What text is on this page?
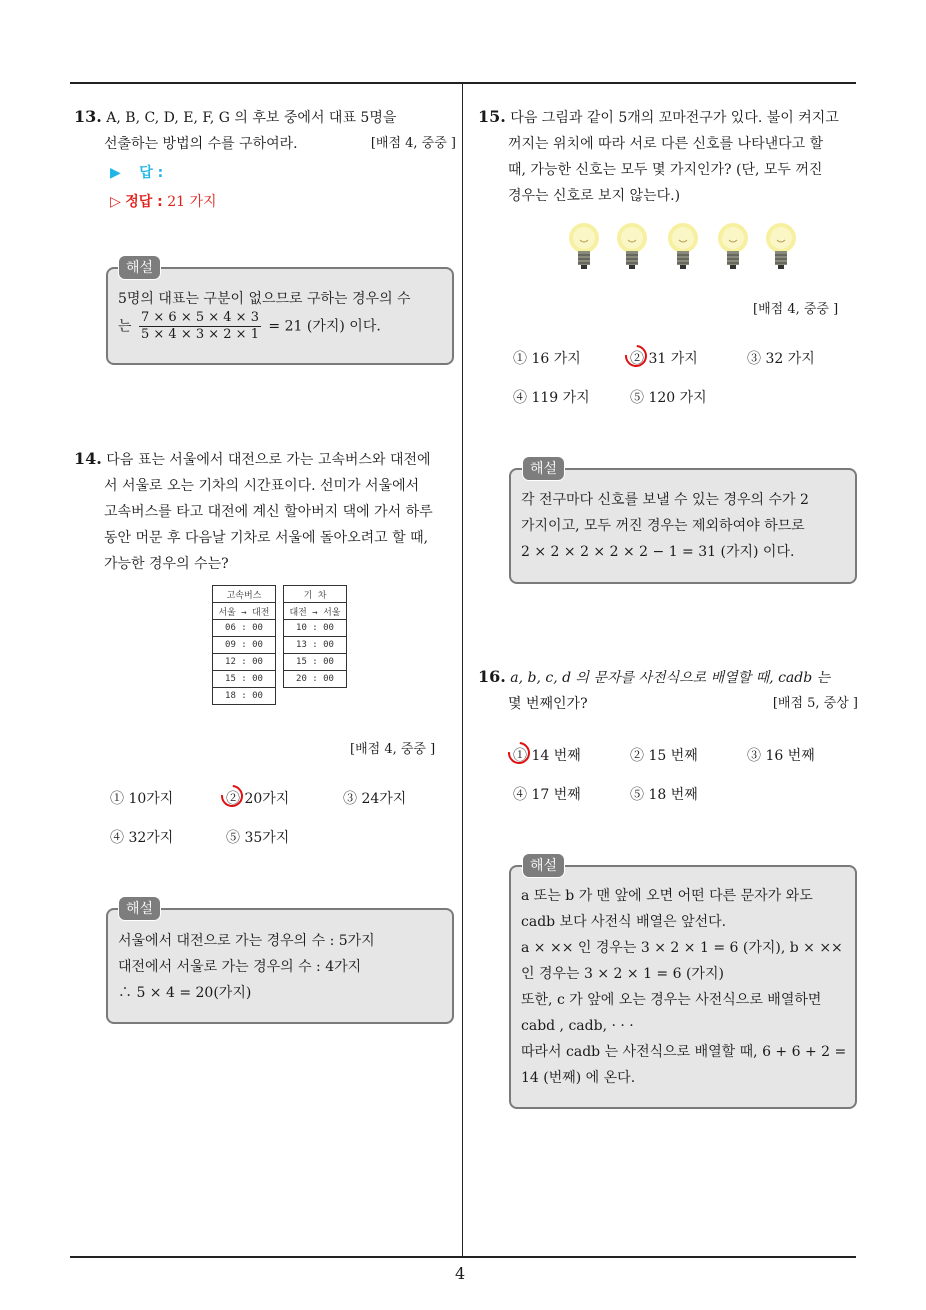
4
13. A, B, C, D, E, F, G 의 후보 중에서 대표 5명을
선출하는 방법의 수를 구하여라.	[배점 4, 중중 ]
▶ 답 :
▷ 정답 : 21 가지
해설
5명의 대표는 구분이 없으므로 구하는 경우의 수
는 $\frac{7 \times 6 \times 5 \times 4 \times 3}{5 \times 4 \times 3 \times 2 \times 1} = 21$ (가지) 이다.
14. 다음 표는 서울에서 대전으로 가는 고속버스와 대전에
서 서울로 오는 기차의 시간표이다. 선미가 서울에서
고속버스를 타고 대전에 계신 할아버지 댁에 가서 하루
동안 머문 후 다음날 기차로 서울에 돌아오려고 할 때,
가능한 경우의 수는?
고속버스
서울 → 대전
06 : 00
09 : 00
12 : 00
15 : 00
18 : 00
기 차
대전 → 서울
10 : 00
13 : 00
15 : 00
20 : 00
[배점 4, 중중 ]
① 10가지	② 20가지	③ 24가지
④ 32가지	⑤ 35가지
해설
서울에서 대전으로 가는 경우의 수 : 5가지
대전에서 서울로 가는 경우의 수 : 4가지
∴ 5 × 4 = 20(가지)
15. 다음 그림과 같이 5개의 꼬마전구가 있다. 불이 켜지고
꺼지는 위치에 따라 서로 다른 신호를 나타낸다고 할
때, 가능한 신호는 모두 몇 가지인가? (단, 모두 꺼진
경우는 신호로 보지 않는다.)
[배점 4, 중중 ]
① 16 가지	② 31 가지	③ 32 가지
④ 119 가지	⑤ 120 가지
해설
각 전구마다 신호를 보낼 수 있는 경우의 수가 2
가지이고, 모두 꺼진 경우는 제외하여야 하므로
2 × 2 × 2 × 2 × 2 − 1 = 31 (가지) 이다.
16. a, b, c, d 의 문자를 사전식으로 배열할 때, cadb 는
몇 번째인가?	[배점 5, 중상 ]
① 14 번째	② 15 번째	③ 16 번째
④ 17 번째	⑤ 18 번째
해설
a 또는 b 가 맨 앞에 오면 어떤 다른 문자가 와도
cadb 보다 사전식 배열은 앞선다.
a × ×× 인 경우는 3 × 2 × 1 = 6 (가지), b × ××
인 경우는 3 × 2 × 1 = 6 (가지)
또한, c 가 앞에 오는 경우는 사전식으로 배열하면
cabd , cadb, · · ·
따라서 cadb 는 사전식으로 배열할 때, 6 + 6 + 2 =
14 (번째) 에 온다.
